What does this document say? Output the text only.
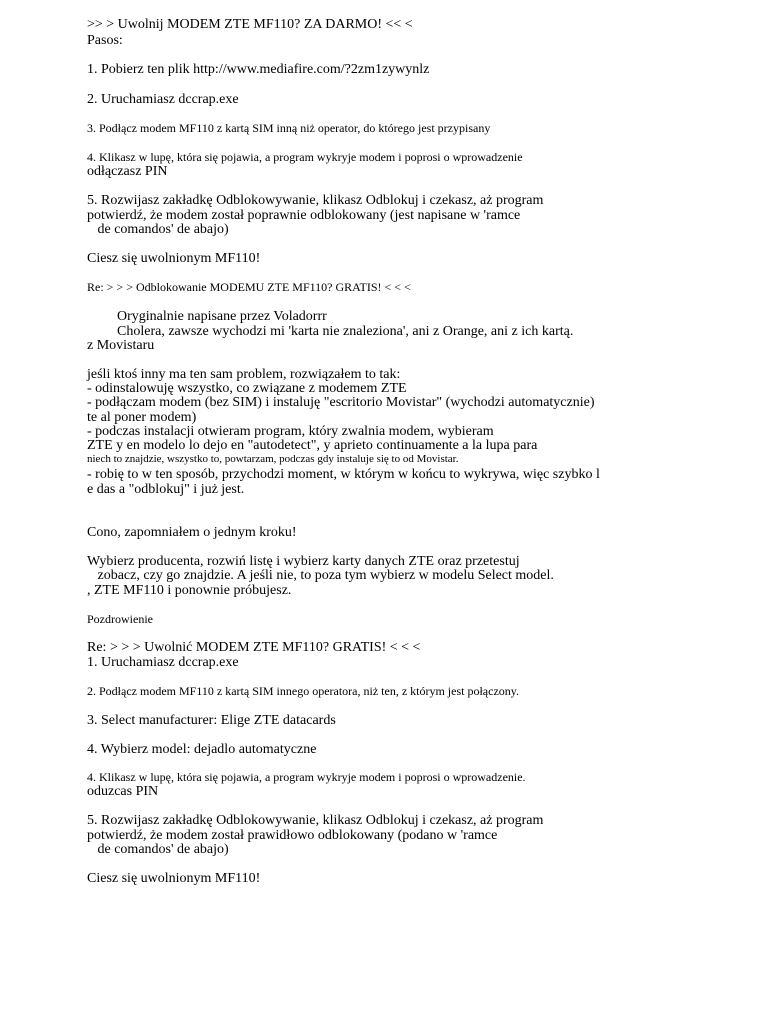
>> > Uwolnij MODEM ZTE MF110? ZA DARMO! << <

Pasos:

1. Pobierz ten plik http://www.mediafire.com/?2zm1zywynlz

2. Uruchamiasz dccrap.exe

3. Podłącz modem MF110 z kartą SIM inną niż operator, do którego jest przypisany

4. Klikasz w lupę, która się pojawia, a program wykryje modem i poprosi o wprowadzenie

odłączasz PIN

5. Rozwijasz zakładkę Odblokowywanie, klikasz Odblokuj i czekasz, aż program

potwierdź, że modem został poprawnie odblokowany (jest napisane w 'ramce

de comandos' de abajo)

Ciesz się uwolnionym MF110!

Re: > > > Odblokowanie MODEMU ZTE MF110? GRATIS! < < <

Oryginalnie napisane przez Voladorrr

Cholera, zawsze wychodzi mi 'karta nie znaleziona', ani z Orange, ani z ich kartą.

z Movistaru

jeśli ktoś inny ma ten sam problem, rozwiązałem to tak:

- odinstalowuję wszystko, co związane z modemem ZTE

- podłączam modem (bez SIM) i instaluję "escritorio Movistar" (wychodzi automatycznie)

te al poner modem)

- podczas instalacji otwieram program, który zwalnia modem, wybieram

ZTE y en modelo lo dejo en "autodetect", y aprieto continuamente a la lupa para

niech to znajdzie, wszystko to, powtarzam, podczas gdy instaluje się to od Movistar.

- robię to w ten sposób, przychodzi moment, w którym w końcu to wykrywa, więc szybko l

e das a "odblokuj" i już jest.

Cono, zapomniałem o jednym kroku!

Wybierz producenta, rozwiń listę i wybierz karty danych ZTE oraz przetestuj

zobacz, czy go znajdzie. A jeśli nie, to poza tym wybierz w modelu Select model.

, ZTE MF110 i ponownie próbujesz.

Pozdrowienie

Re: > > > Uwolnić MODEM ZTE MF110? GRATIS! < < <

1. Uruchamiasz dccrap.exe

2. Podłącz modem MF110 z kartą SIM innego operatora, niż ten, z którym jest połączony.

3. Select manufacturer: Elige ZTE datacards

4. Wybierz model: dejadlo automatyczne

4. Klikasz w lupę, która się pojawia, a program wykryje modem i poprosi o wprowadzenie.

oduzcas PIN

5. Rozwijasz zakładkę Odblokowywanie, klikasz Odblokuj i czekasz, aż program

potwierdź, że modem został prawidłowo odblokowany (podano w 'ramce

de comandos' de abajo)

Ciesz się uwolnionym MF110!
